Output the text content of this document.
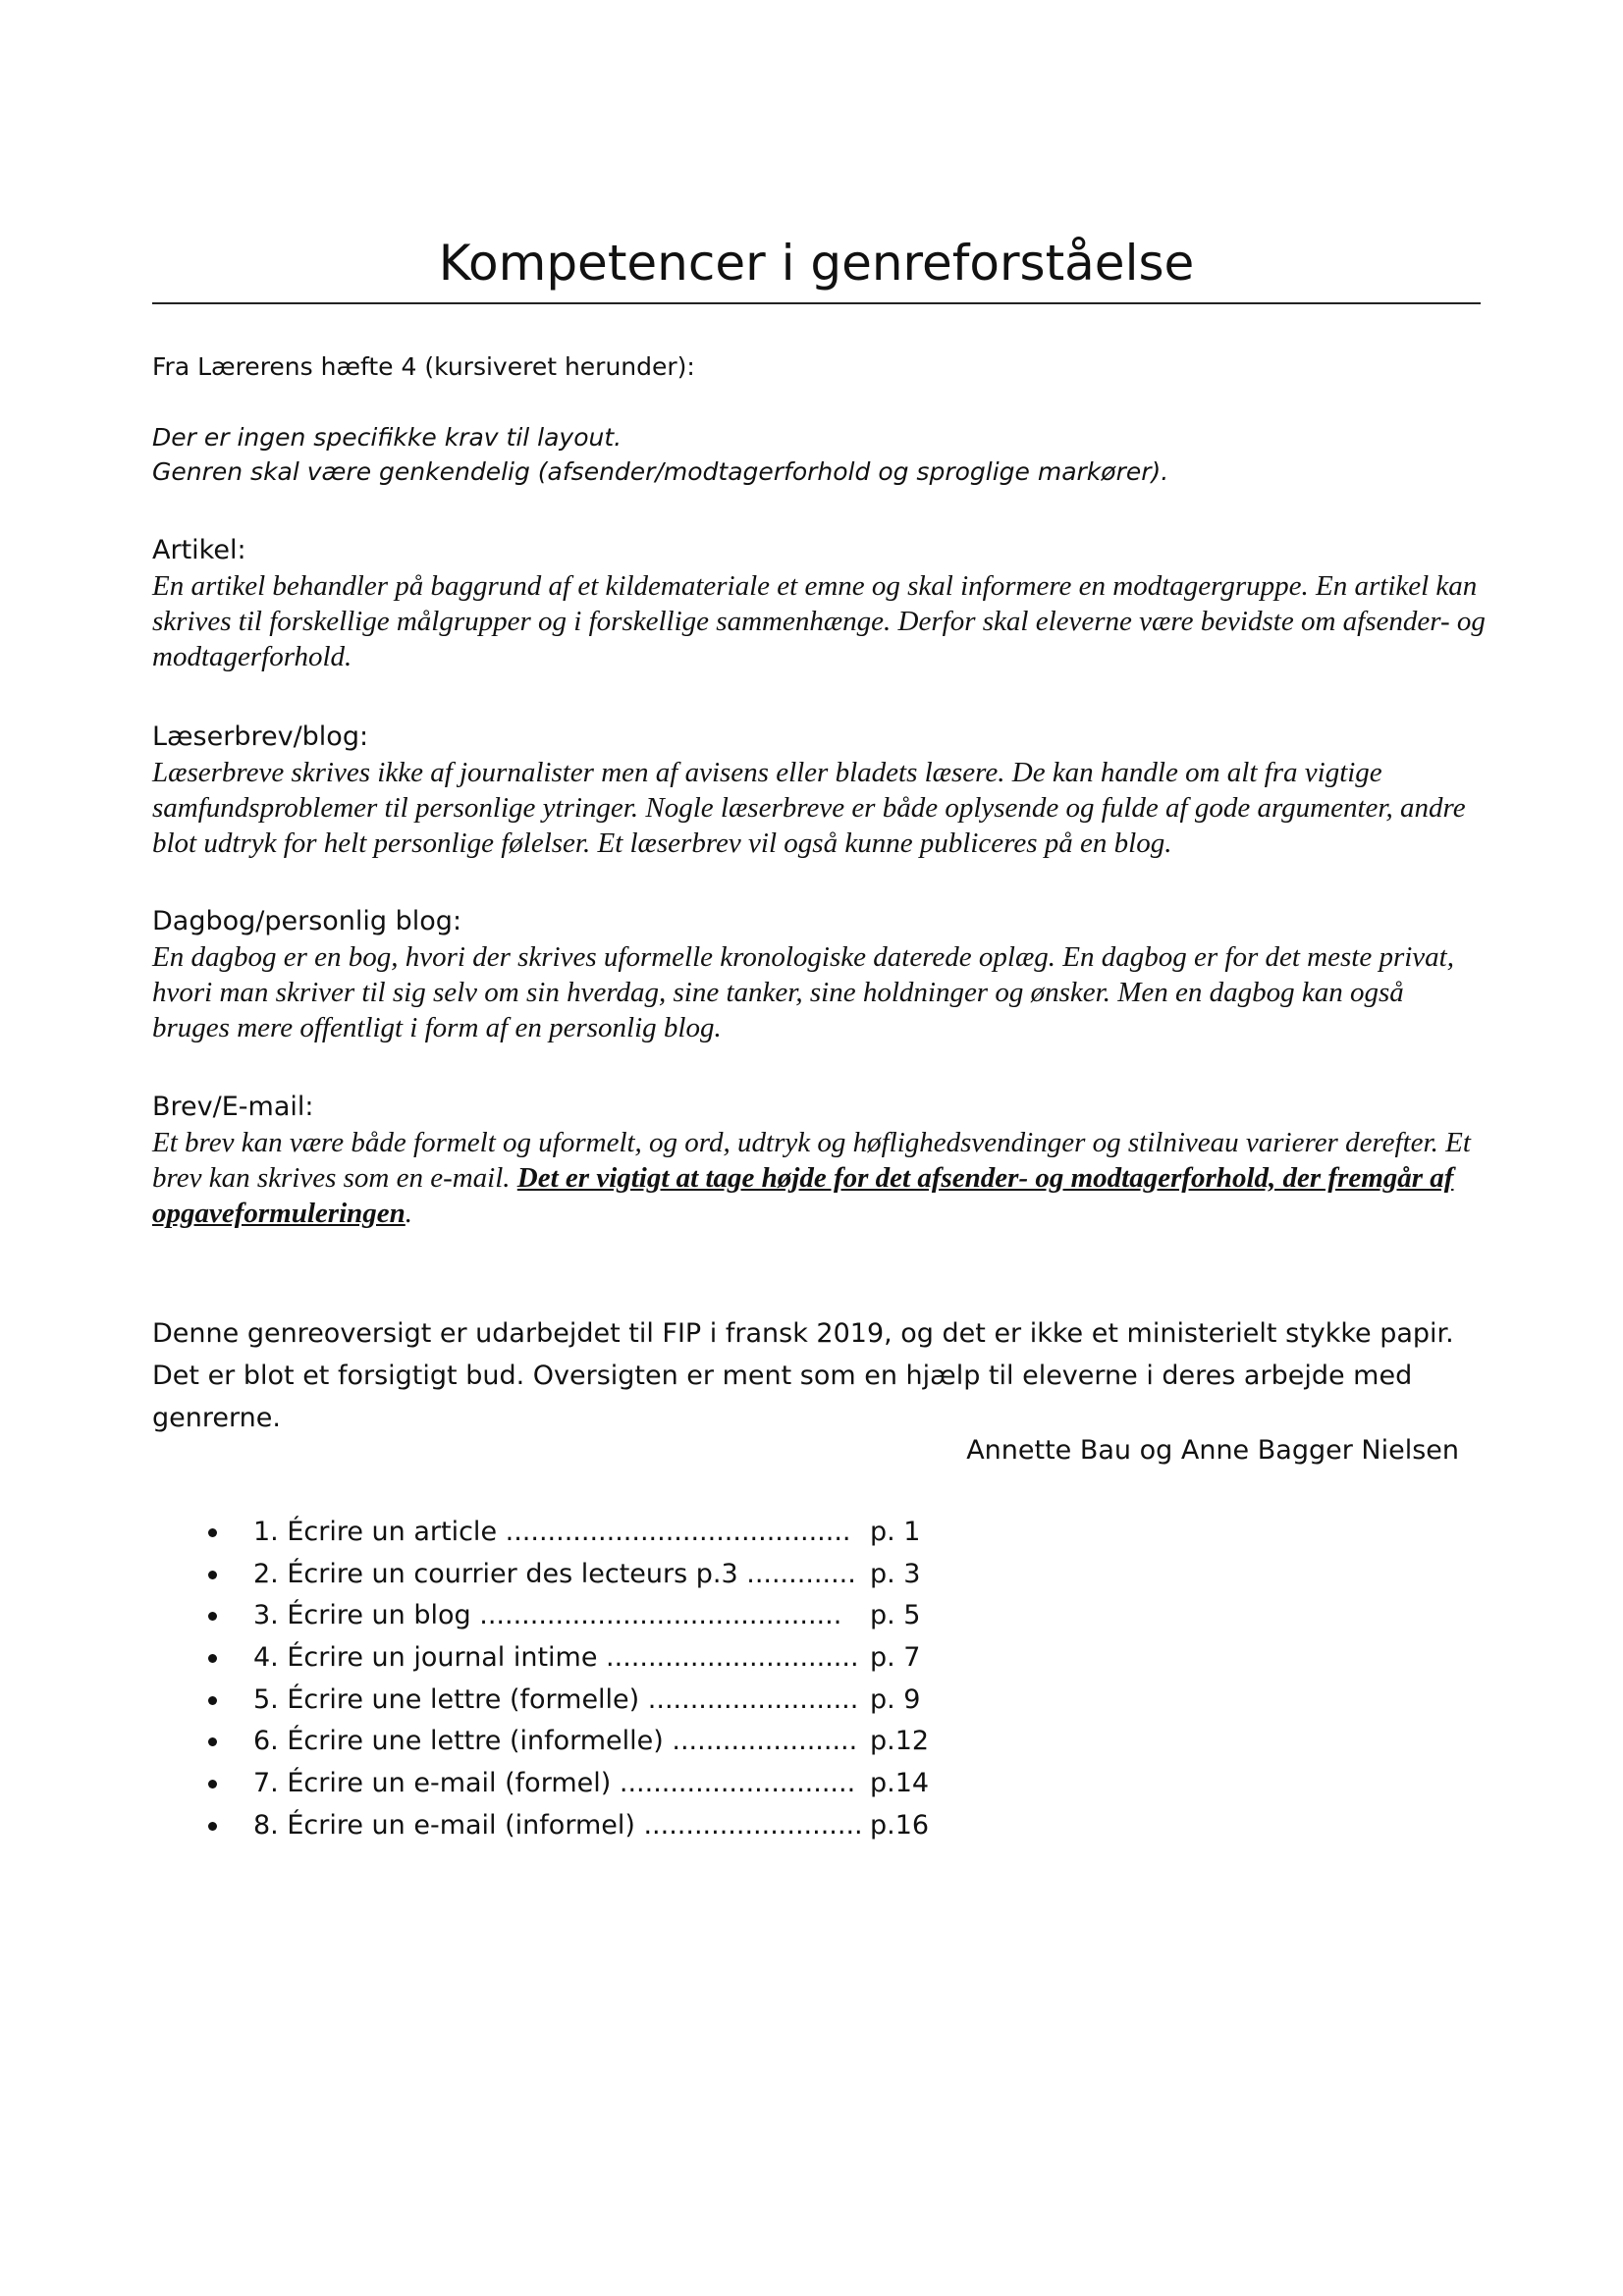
Kompetencer i genreforståelse
Fra Lærerens hæfte 4 (kursiveret herunder):
Der er ingen specifikke krav til layout.
Genren skal være genkendelig (afsender/modtagerforhold og sproglige markører).
Artikel:
En artikel behandler på baggrund af et kildemateriale et emne og skal informere en modtagergruppe. En artikel kan skrives til forskellige målgrupper og i forskellige sammenhænge. Derfor skal eleverne være bevidste om afsender- og modtagerforhold.
Læserbrev/blog:
Læserbreve skrives ikke af journalister men af avisens eller bladets læsere. De kan handle om alt fra vigtige samfundsproblemer til personlige ytringer. Nogle læserbreve er både oplysende og fulde af gode argumenter, andre blot udtryk for helt personlige følelser. Et læserbrev vil også kunne publiceres på en blog.
Dagbog/personlig blog:
En dagbog er en bog, hvori der skrives uformelle kronologiske daterede oplæg. En dagbog er for det meste privat, hvori man skriver til sig selv om sin hverdag, sine tanker, sine holdninger og ønsker. Men en dagbog kan også bruges mere offentligt i form af en personlig blog.
Brev/E-mail:
Et brev kan være både formelt og uformelt, og ord, udtryk og høflighedsvendinger og stilniveau varierer derefter. Et brev kan skrives som en e-mail. Det er vigtigt at tage højde for det afsender- og modtagerforhold, der fremgår af opgaveformuleringen.
Denne genreoversigt er udarbejdet til FIP i fransk 2019, og det er ikke et ministerielt stykke papir. Det er blot et forsigtigt bud. Oversigten er ment som en hjælp til eleverne i deres arbejde med genrerne.
Annette Bau og Anne Bagger Nielsen
1. Écrire un article ......................................... p. 1
2. Écrire un courrier des lecteurs p.3 ............. p. 3
3. Écrire un blog ........................................... p. 5
4. Écrire un journal intime .............................. p. 7
5. Écrire une lettre (formelle) ......................... p. 9
6. Écrire une lettre (informelle) ...................... p.12
7. Écrire un e-mail (formel) ............................ p.14
8. Écrire un e-mail (informel) .......................... p.16
